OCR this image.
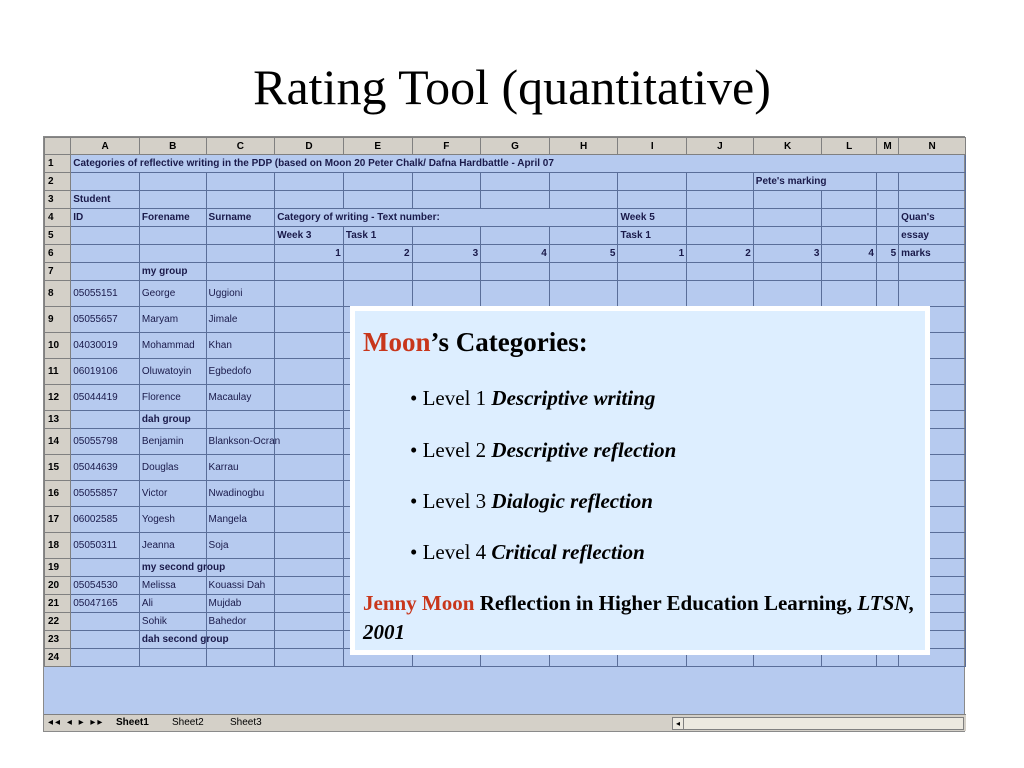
Rating Tool (quantitative)
	A	B	C	D	E	F	G	H	I	J	K	L	M	N
1	Categories of reflective writing in the PDP (based on Moon 20 Peter Chalk/ Dafna Hardbattle - April 07													
2											Pete's marking			
3	Student													
4	ID	Forename	Surname	Category of writing - Text number:					Week 5					Quan's
5				Week 3	Task 1				Task 1					essay
6				1	2	3	4	5	1	2	3	4	5	marks
7		my group												
8	05055151	George	Uggioni											
9	05055657	Maryam	Jimale											
10	04030019	Mohammad	Khan											
11	06019106	Oluwatoyin	Egbedofo											
12	05044419	Florence	Macaulay											
13		dah group												
14	05055798	Benjamin	Blankson-Ocran											
15	05044639	Douglas	Karrau											
16	05055857	Victor	Nwadinogbu											
17	06002585	Yogesh	Mangela											
18	05050311	Jeanna	Soja											
19		my second group												
20	05054530	Melissa	Kouassi Dah											
21	05047165	Ali	Mujdab											
22		Sohik	Bahedor											
23		dah second group												
24														
◂◂ ◂ ▸ ▸▸ Sheet1 Sheet2	Sheet3	◂
Moon’s Categories:
• Level 1 Descriptive writing
• Level 2 Descriptive reflection
• Level 3 Dialogic reflection
• Level 4 Critical reflection
Jenny Moon Reflection in Higher Education Learning, LTSN, 2001
